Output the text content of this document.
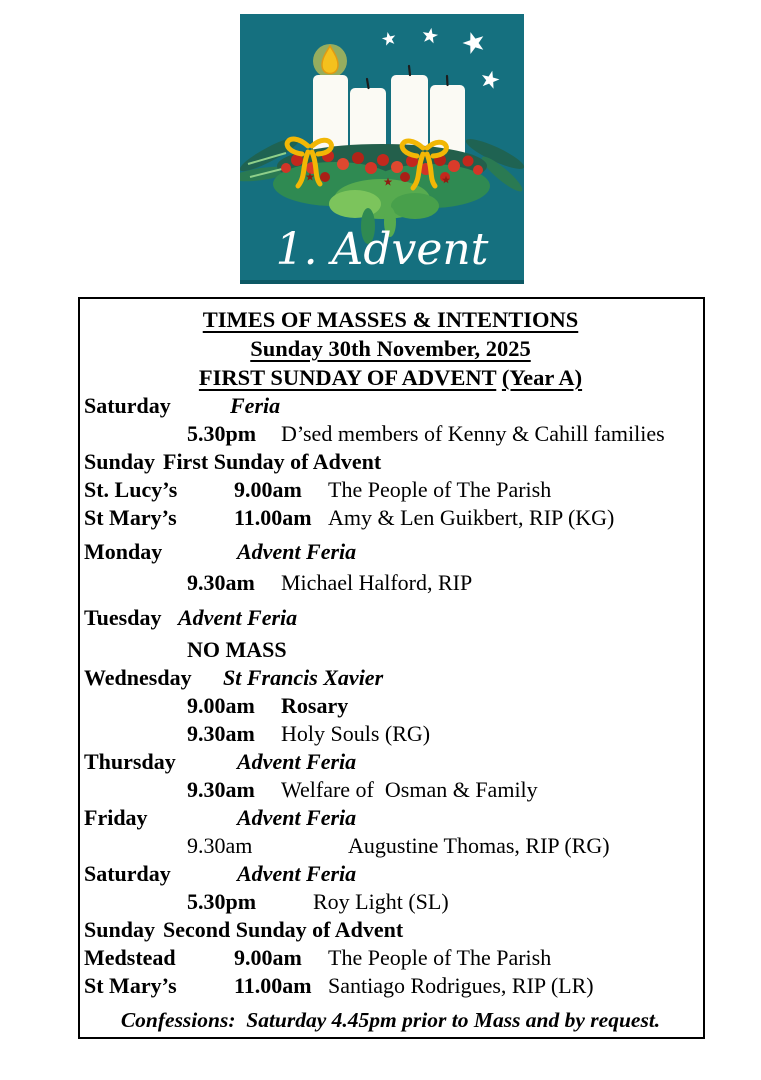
1. Advent
TIMES OF MASSES & INTENTIONS
Sunday 30th November, 2025
FIRST SUNDAY OF ADVENT (Year A)
Saturday	Feria
5.30pm D’sed members of Kenny & Cahill families
Sunday First Sunday of Advent
St. Lucy’s	9.00am The People of The Parish
St Mary’s	11.00am Amy & Len Guikbert, RIP (KG)
Monday	Advent Feria
9.30am Michael Halford, RIP
Tuesday Advent Feria
NO MASS
Wednesday St Francis Xavier
9.00am Rosary
9.30am Holy Souls (RG)
Thursday	Advent Feria
9.30am Welfare of  Osman & Family
Friday	Advent Feria
9.30am	Augustine Thomas, RIP (RG)
Saturday	Advent Feria
5.30pm	Roy Light (SL)
Sunday Second Sunday of Advent
Medstead	9.00am The People of The Parish
St Mary’s	11.00am Santiago Rodrigues, RIP (LR)
Confessions:  Saturday 4.45pm prior to Mass and by request.
